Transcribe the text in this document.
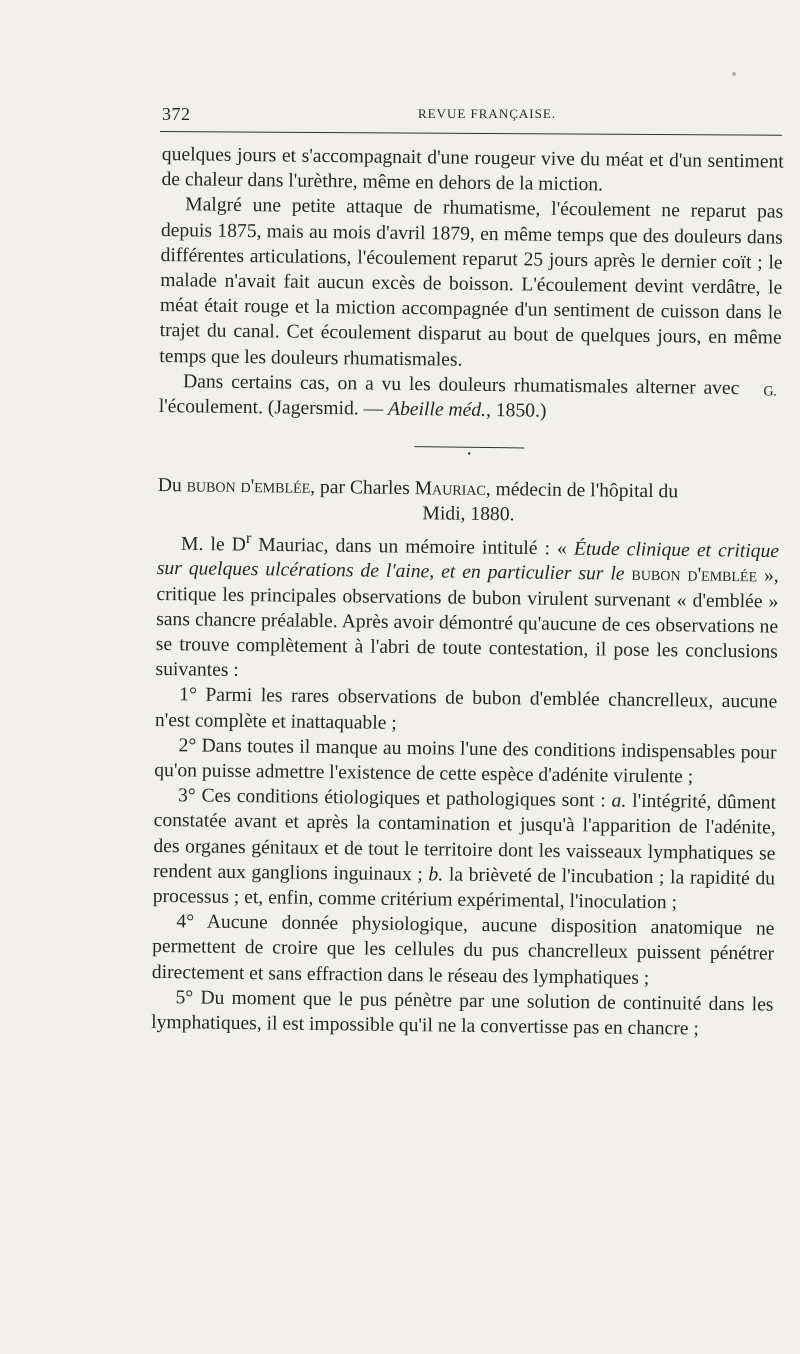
372	REVUE FRANÇAISE.

quelques jours et s'accompagnait d'une rougeur vive du méat et d'un sentiment de chaleur dans l'urèthre, même en dehors de la miction.

Malgré une petite attaque de rhumatisme, l'écoulement ne reparut pas depuis 1875, mais au mois d'avril 1879, en même temps que des douleurs dans différentes articulations, l'écoulement reparut 25 jours après le dernier coït ; le malade n'avait fait aucun excès de boisson. L'écoulement devint verdâtre, le méat était rouge et la miction accompagnée d'un sentiment de cuisson dans le trajet du canal. Cet écoulement disparut au bout de quelques jours, en même temps que les douleurs rhumatismales.

Dans certains cas, on a vu les douleurs rhumatismales alterner avec l'écoulement. (Jagersmid. — Abeille méd., 1850.)
G.

•

Du bubon d'emblée, par Charles Mauriac, médecin de l'hôpital du

Midi, 1880.

M. le $D^r$ Mauriac, dans un mémoire intitulé : « Étude clinique et critique sur quelques ulcérations de l'aine, et en particulier sur le bubon d'emblée », critique les principales observations de bubon virulent survenant « d'emblée » sans chancre préalable. Après avoir démontré qu'aucune de ces observations ne se trouve complètement à l'abri de toute contestation, il pose les conclusions suivantes :

1° Parmi les rares observations de bubon d'emblée chancrelleux, aucune n'est complète et inattaquable ;

2° Dans toutes il manque au moins l'une des conditions indispensables pour qu'on puisse admettre l'existence de cette espèce d'adénite virulente ;

3° Ces conditions étiologiques et pathologiques sont : a. l'intégrité, dûment constatée avant et après la contamination et jusqu'à l'apparition de l'adénite, des organes génitaux et de tout le territoire dont les vaisseaux lymphatiques se rendent aux ganglions inguinaux ; b. la brièveté de l'incubation ; la rapidité du processus ; et, enfin, comme critérium expérimental, l'inoculation ;

4° Aucune donnée physiologique, aucune disposition anatomique ne permettent de croire que les cellules du pus chancrelleux puissent pénétrer directement et sans effraction dans le réseau des lymphatiques ;

5° Du moment que le pus pénètre par une solution de continuité dans les lymphatiques, il est impossible qu'il ne la convertisse pas en chancre ;
